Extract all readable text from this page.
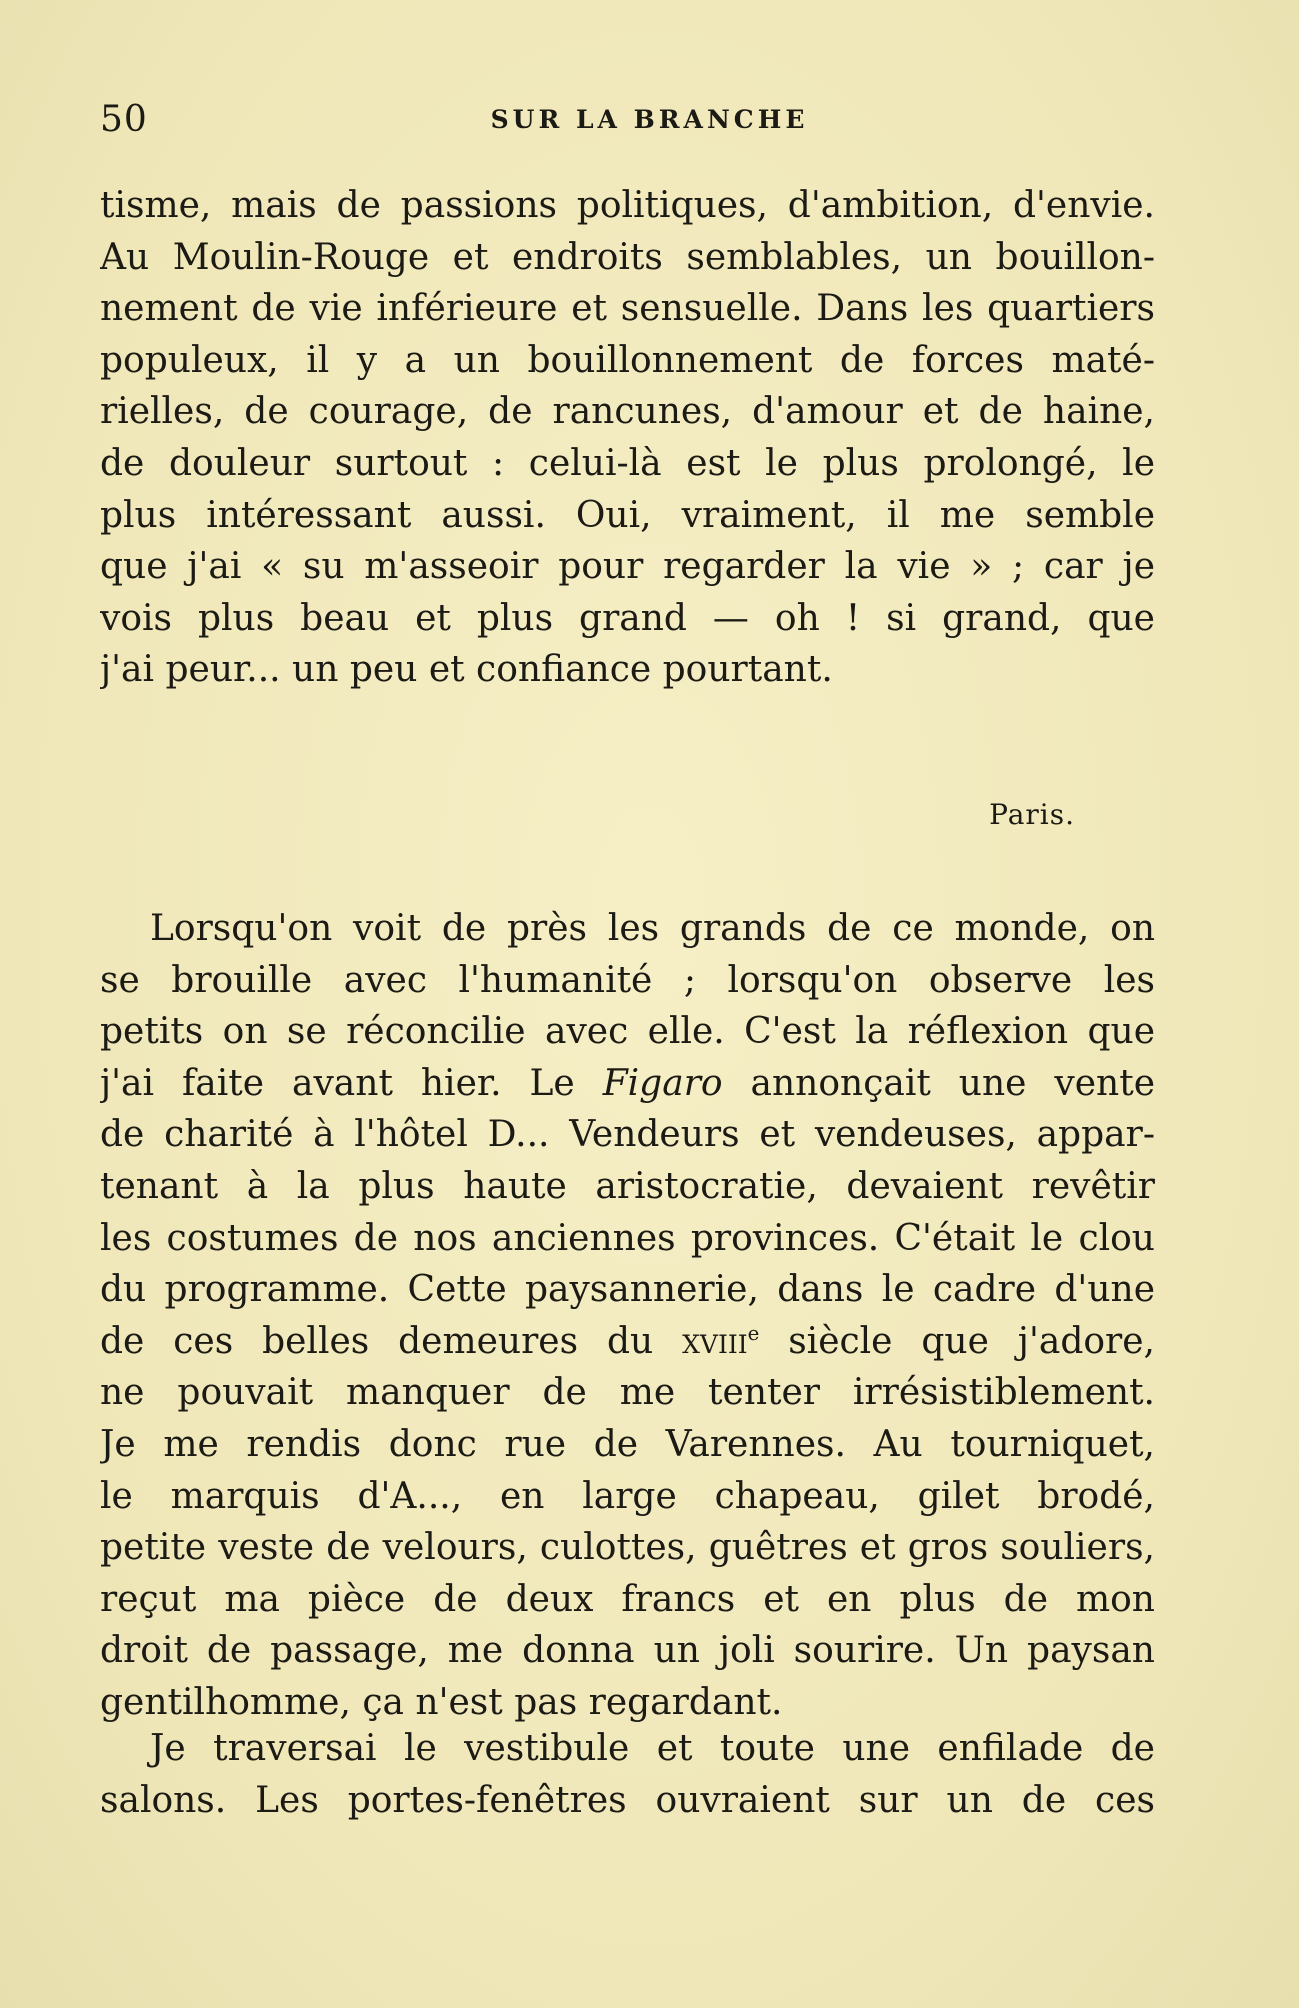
50	SUR LA BRANCHE
tisme, mais de passions politiques, d'ambition, d'envie.
Au Moulin-Rouge et endroits semblables, un bouillon-
nement de vie inférieure et sensuelle. Dans les quartiers
populeux, il y a un bouillonnement de forces maté-
rielles, de courage, de rancunes, d'amour et de haine,
de douleur surtout : celui-là est le plus prolongé, le
plus intéressant aussi. Oui, vraiment, il me semble
que j'ai « su m'asseoir pour regarder la vie » ; car je
vois plus beau et plus grand — oh ! si grand, que
j'ai peur... un peu et confiance pourtant.
Paris.
Lorsqu'on voit de près les grands de ce monde, on
se brouille avec l'humanité ; lorsqu'on observe les
petits on se réconcilie avec elle. C'est la réflexion que
j'ai faite avant hier. Le Figaro annonçait une vente
de charité à l'hôtel D... Vendeurs et vendeuses, appar-
tenant à la plus haute aristocratie, devaient revêtir
les costumes de nos anciennes provinces. C'était le clou
du programme. Cette paysannerie, dans le cadre d'une
de ces belles demeures du xviii$^e$ siècle que j'adore,
ne pouvait manquer de me tenter irrésistiblement.
Je me rendis donc rue de Varennes. Au tourniquet,
le marquis d'A..., en large chapeau, gilet brodé,
petite veste de velours, culottes, guêtres et gros souliers,
reçut ma pièce de deux francs et en plus de mon
droit de passage, me donna un joli sourire. Un paysan
gentilhomme, ça n'est pas regardant.
Je traversai le vestibule et toute une enfilade de
salons. Les portes-fenêtres ouvraient sur un de ces
